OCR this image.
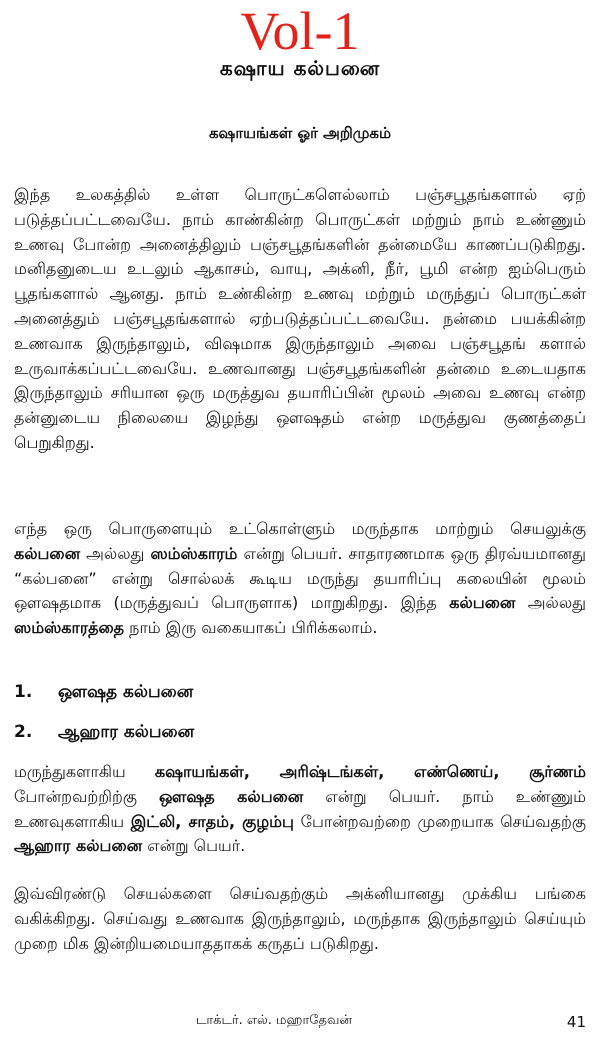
Vol-1
கஷாய கல்பனை
கஷாயங்கள் ஓர் அறிமுகம்

இந்த உலகத்தில் உள்ள பொருட்களெல்லாம் பஞ்சபூதங்களால் ஏற் படுத்தப்பட்டவையே. நாம் காண்கின்ற பொருட்கள் மற்றும் நாம் உண்ணும் உணவு போன்ற அனைத்திலும் பஞ்சபூதங்களின் தன்மையே காணப்படுகிறது. மனிதனுடைய உடலும் ஆகாசம், வாயு, அக்னி, நீர், பூமி என்ற ஐம்பெரும் பூதங்களால் ஆனது. நாம் உண்கின்ற உணவு மற்றும் மருந்துப் பொருட்கள் அனைத்தும் பஞ்சபூதங்களால் ஏற்படுத்தப்பட்டவையே. நன்மை பயக்கின்ற உணவாக இருந்தாலும், விஷமாக இருந்தாலும் அவை பஞ்சபூதங் களால் உருவாக்கப்பட்டவையே. உணவானது பஞ்சபூதங்களின் தன்மை உடையதாக இருந்தாலும் சரியான ஒரு மருத்துவ தயாரிப்பின் மூலம் அவை உணவு என்ற தன்னுடைய நிலையை இழந்து ஔஷதம் என்ற மருத்துவ குணத்தைப் பெறுகிறது.

எந்த ஒரு பொருளையும் உட்கொள்ளும் மருந்தாக மாற்றும் செயலுக்கு கல்பனை அல்லது ஸம்ஸ்காரம் என்று பெயர். சாதாரணமாக ஒரு திரவ்யமானது “கல்பனை” என்று சொல்லக் கூடிய மருந்து தயாரிப்பு கலையின் மூலம் ஔஷதமாக (மருத்துவப் பொருளாக) மாறுகிறது. இந்த கல்பனை அல்லது ஸம்ஸ்காரத்தை நாம் இரு வகையாகப் பிரிக்கலாம்.

1. ஔஷத கல்பனை
2. ஆஹார கல்பனை

மருந்துகளாகிய கஷாயங்கள், அரிஷ்டங்கள், எண்ணெய், சூர்ணம் போன்றவற்றிற்கு ஔஷத கல்பனை என்று பெயர். நாம் உண்ணும் உணவுகளாகிய இட்லி, சாதம், குழம்பு போன்றவற்றை முறையாக செய்வதற்கு ஆஹார கல்பனை என்று பெயர்.

இவ்விரண்டு செயல்களை செய்வதற்கும் அக்னியானது முக்கிய பங்கை வகிக்கிறது. செய்வது உணவாக இருந்தாலும், மருந்தாக இருந்தாலும் செய்யும் முறை மிக இன்றியமையாததாகக் கருதப் படுகிறது.

டாக்டர். எல். மஹாதேவன்	41
